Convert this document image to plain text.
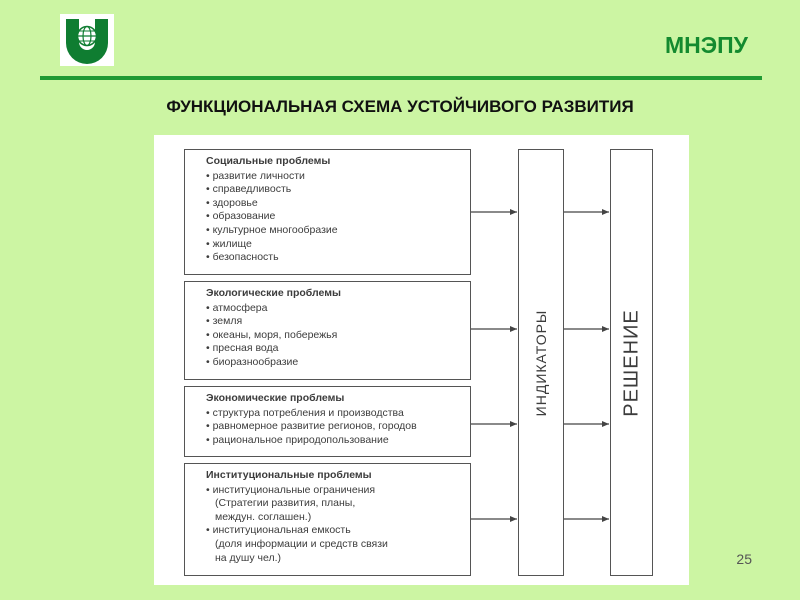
МНЭПУ
ФУНКЦИОНАЛЬНАЯ СХЕМА УСТОЙЧИВОГО РАЗВИТИЯ
Социальные проблемы
• развитие личности
• справедливость
• здоровье
• образование
• культурное многообразие
• жилище
• безопасность
Экологические проблемы
• атмосфера
• земля
• океаны, моря, побережья
• пресная вода
• биоразнообразие
Экономические проблемы
• структура потребления и производства
• равномерное развитие регионов, городов
• рациональное природопользование
Институциональные проблемы
• институциональные ограничения
(Стратегии развития, планы,
междун. соглашен.)
• институциональная емкость
(доля информации и средств связи
на душу чел.)
ИНДИКАТОРЫ	РЕШЕНИЕ
25
